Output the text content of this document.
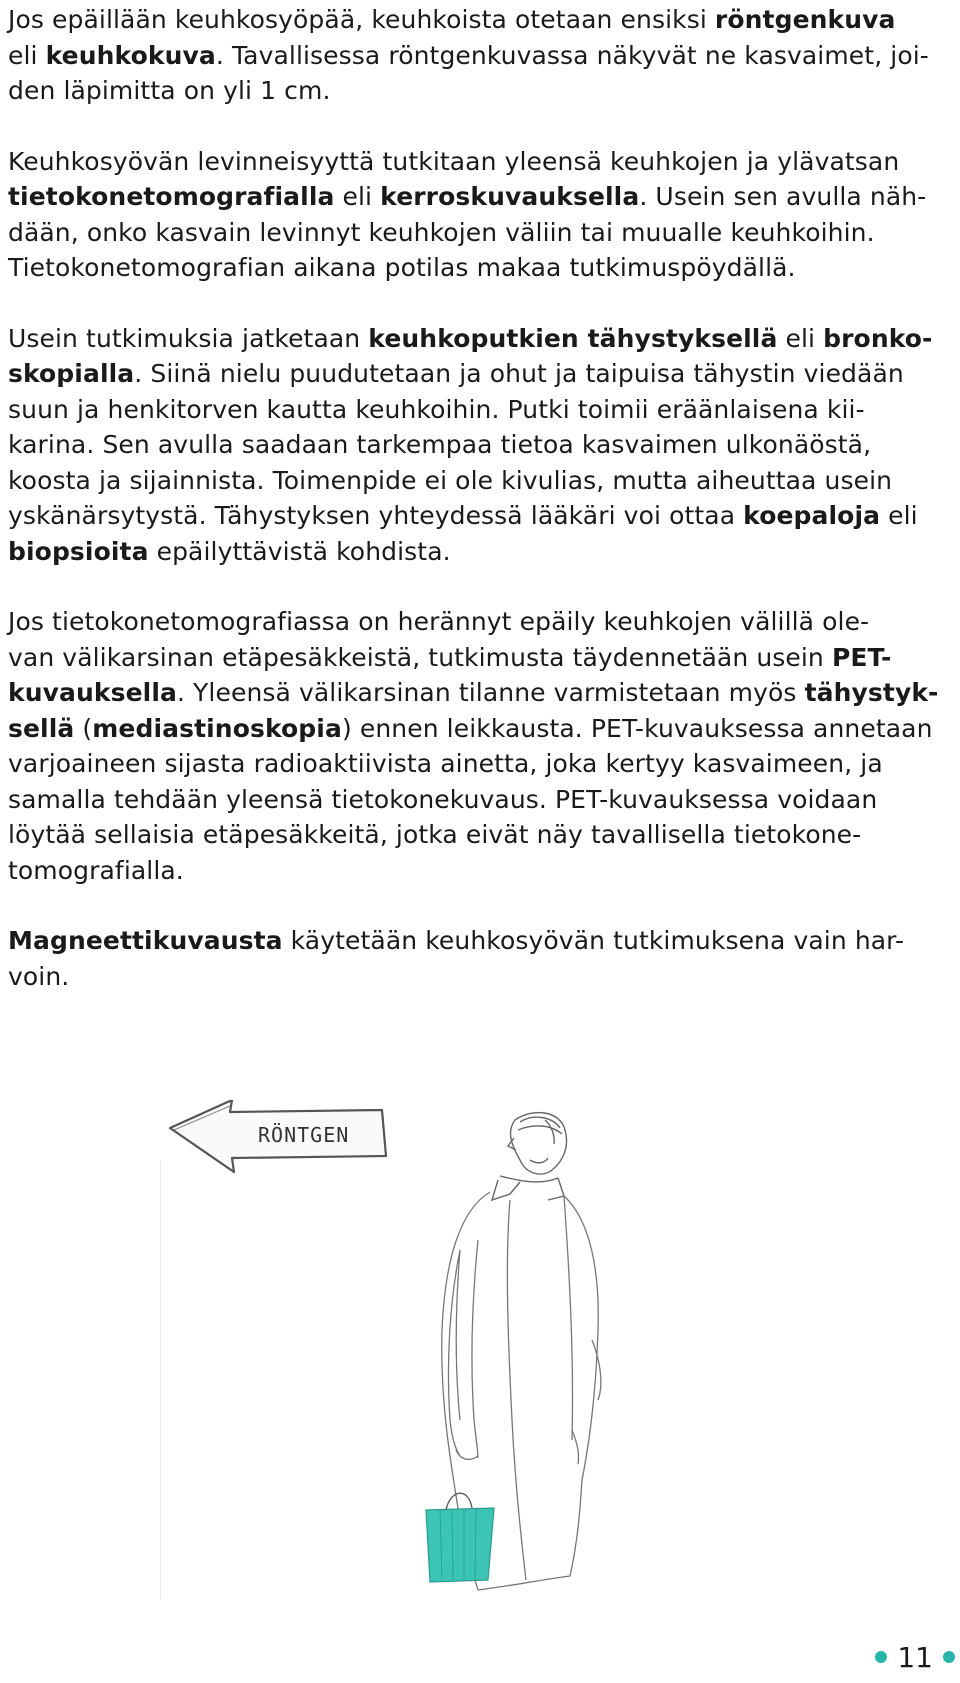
Jos epäillään keuhkosyöpää, keuhkoista otetaan ensiksi röntgenkuva
eli keuhkokuva. Tavallisessa röntgenkuvassa näkyvät ne kasvaimet, joi-
den läpimitta on yli 1 cm.

Keuhkosyövän levinneisyyttä tutkitaan yleensä keuhkojen ja ylävatsan
tietokonetomografialla eli kerroskuvauksella. Usein sen avulla näh-
dään, onko kasvain levinnyt keuhkojen väliin tai muualle keuhkoihin.
Tietokonetomografian aikana potilas makaa tutkimuspöydällä.

Usein tutkimuksia jatketaan keuhkoputkien tähystyksellä eli bronko-
skopialla. Siinä nielu puudutetaan ja ohut ja taipuisa tähystin viedään
suun ja henkitorven kautta keuhkoihin. Putki toimii eräänlaisena kii-
karina. Sen avulla saadaan tarkempaa tietoa kasvaimen ulkonäöstä,
koosta ja sijainnista. Toimenpide ei ole kivulias, mutta aiheuttaa usein
yskänärsytystä. Tähystyksen yhteydessä lääkäri voi ottaa koepaloja eli
biopsioita epäilyttävistä kohdista.

Jos tietokonetomografiassa on herännyt epäily keuhkojen välillä ole-
van välikarsinan etäpesäkkeistä, tutkimusta täydennetään usein PET-
kuvauksella. Yleensä välikarsinan tilanne varmistetaan myös tähystyk-
sellä (mediastinoskopia) ennen leikkausta. PET-kuvauksessa annetaan
varjoaineen sijasta radioaktiivista ainetta, joka kertyy kasvaimeen, ja
samalla tehdään yleensä tietokonekuvaus. PET-kuvauksessa voidaan
löytää sellaisia etäpesäkkeitä, jotka eivät näy tavallisella tietokone-
tomografialla.

Magneettikuvausta käytetään keuhkosyövän tutkimuksena vain har-
voin.

RÖNTGEN
11
